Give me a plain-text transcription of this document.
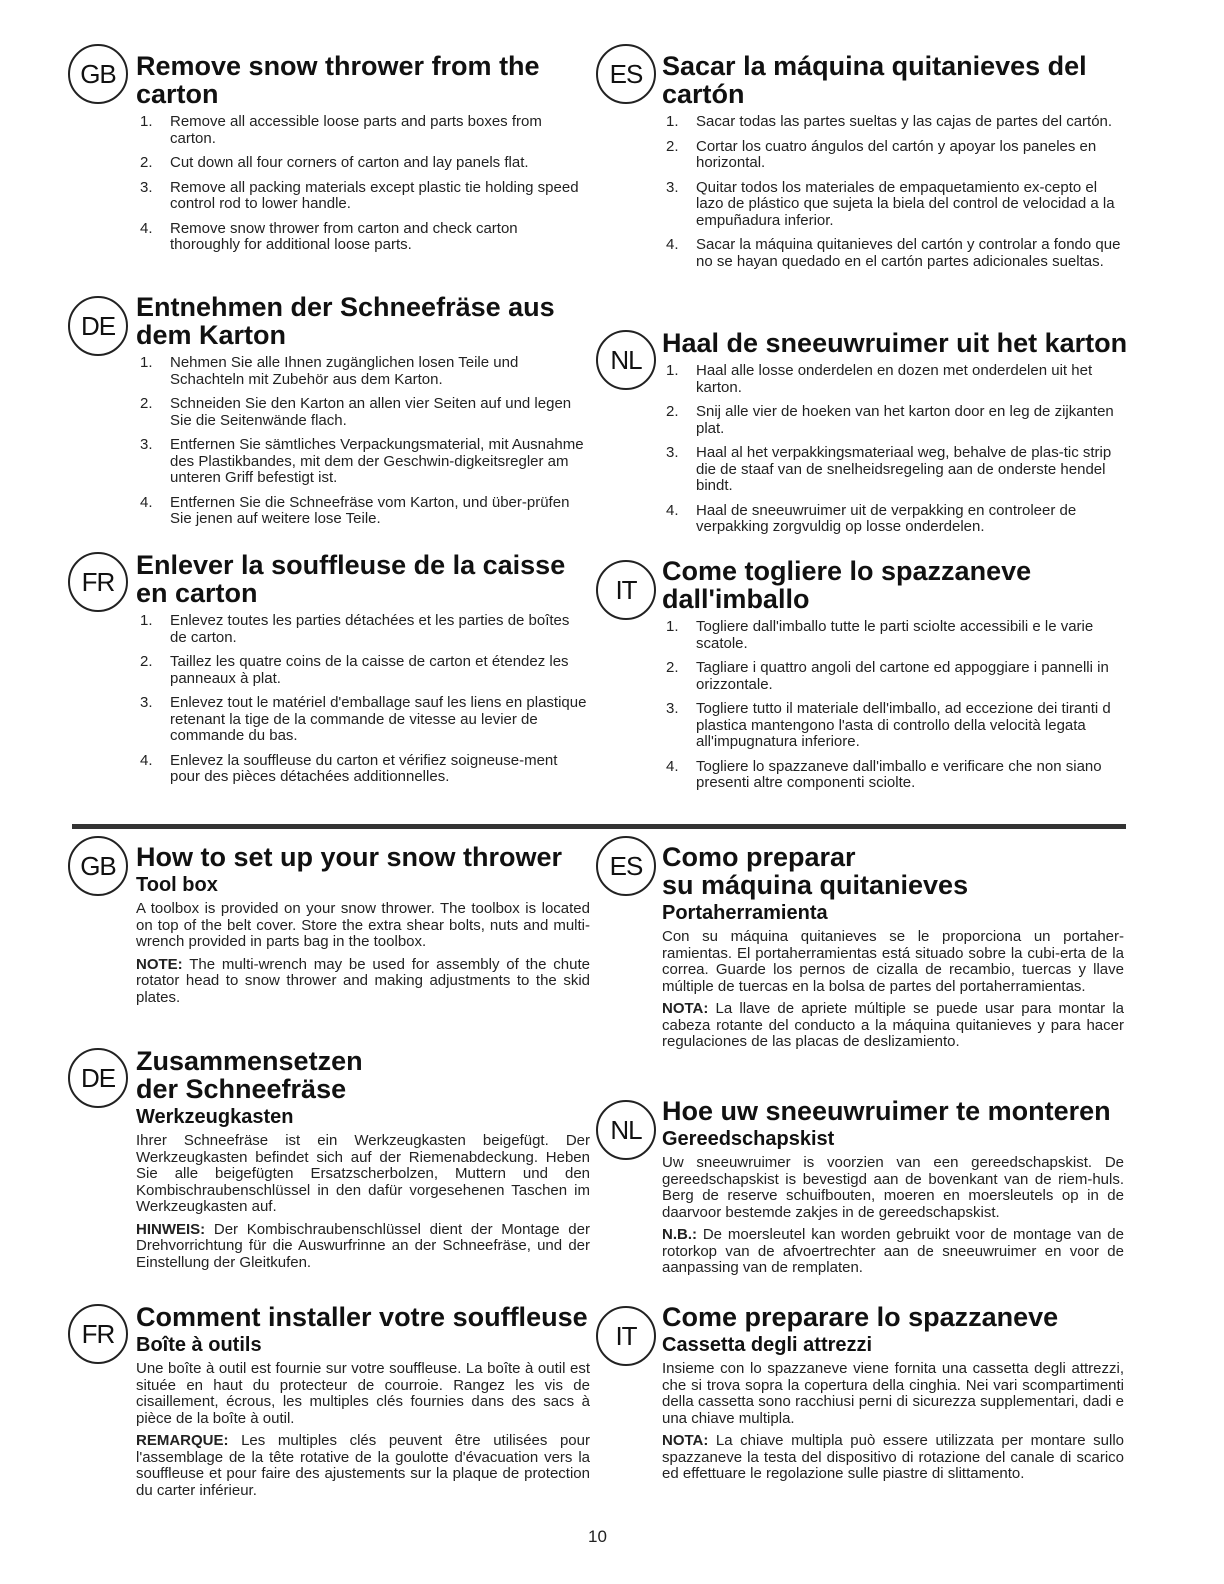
GB Remove snow thrower from the
carton
1. Remove all accessible loose parts and parts boxes from carton.
2. Cut down all four corners of carton and lay panels flat.
3. Remove all packing materials except plastic tie holding speed control rod to lower handle.
4. Remove snow thrower from carton and check carton thoroughly for additional loose parts.
DE
Entnehmen der Schneefräse aus
dem Karton
1. Nehmen Sie alle Ihnen zugänglichen losen Teile und Schachteln mit Zubehör aus dem Karton.
2. Schneiden Sie den Karton an allen vier Seiten auf und legen Sie die Seitenwände flach.
3. Entfernen Sie sämtliches Verpackungsmaterial, mit Ausnahme des Plastikbandes, mit dem der Geschwin-digkeitsregler am unteren Griff befestigt ist.
4. Entfernen Sie die Schneefräse vom Karton, und über-prüfen Sie jenen auf weitere lose Teile.
FR
Enlever la souffleuse de la caisse
en carton
1. Enlevez toutes les parties détachées et les parties de boîtes de carton.
2. Taillez les quatre coins de la caisse de carton et étendez les panneaux à plat.
3. Enlevez tout le matériel d'emballage sauf les liens en plastique retenant la tige de la commande de vitesse au levier de commande du bas.
4. Enlevez la souffleuse du carton et vérifiez soigneuse-ment pour des pièces détachées additionnelles.
ES Sacar la máquina quitanieves del
cartón
1. Sacar todas las partes sueltas y las cajas de partes del cartón.
2. Cortar los cuatro ángulos del cartón y apoyar los paneles en horizontal.
3. Quitar todos los materiales de empaquetamiento ex-cepto el lazo de plástico que sujeta la biela del control de velocidad a la empuñadura inferior.
4. Sacar la máquina quitanieves del cartón y controlar a fondo que no se hayan quedado en el cartón partes adicionales sueltas.
NL
Haal de sneeuwruimer uit het karton
1. Haal alle losse onderdelen en dozen met onderdelen uit het karton.
2. Snij alle vier de hoeken van het karton door en leg de zijkanten plat.
3. Haal al het verpakkingsmateriaal weg, behalve de plas-tic strip die de staaf van de snelheidsregeling aan de onderste hendel bindt.
4. Haal de sneeuwruimer uit de verpakking en controleer de verpakking zorgvuldig op losse onderdelen.
IT
Come togliere lo spazzaneve
dall'imballo
1. Togliere dall'imballo tutte le parti sciolte accessibili e le varie scatole.
2. Tagliare i quattro angoli del cartone ed appoggiare i pannelli in orizzontale.
3. Togliere tutto il materiale dell'imballo, ad eccezione dei tiranti d plastica mantengono l'asta di controllo della velocità legata all'impugnatura inferiore.
4. Togliere lo spazzaneve dall'imballo e verificare che non siano presenti altre componenti sciolte.
GB How to set up your snow thrower
Tool box

A toolbox is provided on your snow thrower. The toolbox is located on top of the belt cover. Store the extra shear bolts, nuts and multi-wrench provided in parts bag in the toolbox.

NOTE: The multi-wrench may be used for assembly of the chute rotator head to snow thrower and making adjustments to the skid plates.

DE
Zusammensetzen
der Schneefräse
Werkzeugkasten

Ihrer Schneefräse ist ein Werkzeugkasten beigefügt. Der Werkzeugkasten befindet sich auf der Riemenabdeckung. Heben Sie alle beigefügten Ersatzscherbolzen, Muttern und den Kombischraubenschlüssel in den dafür vorgesehenen Taschen im Werkzeugkasten auf.

HINWEIS: Der Kombischraubenschlüssel dient der Montage der Drehvorrichtung für die Auswurfrinne an der Schneefräse, und der Einstellung der Gleitkufen.

FR
Comment installer votre souffleuse
Boîte à outils

Une boîte à outil est fournie sur votre souffleuse. La boîte à outil est située en haut du protecteur de courroie. Rangez les vis de cisaillement, écrous, les multiples clés fournies dans des sacs à pièce de la boîte à outil.

REMARQUE: Les multiples clés peuvent être utilisées pour l'assemblage de la tête rotative de la goulotte d'évacuation vers la souffleuse et pour faire des ajustements sur la plaque de protection du carter inférieur.

ES Como preparar
su máquina quitanieves
Portaherramienta

Con su máquina quitanieves se le proporciona un portaher-ramientas. El portaherramientas está situado sobre la cubi-erta de la correa. Guarde los pernos de cizalla de recambio, tuercas y llave múltiple de tuercas en la bolsa de partes del portaherramientas.

NOTA: La llave de apriete múltiple se puede usar para montar la cabeza rotante del conducto a la máquina quitanieves y para hacer regulaciones de las placas de deslizamiento.

NL
Hoe uw sneeuwruimer te monteren
Gereedschapskist

Uw sneeuwruimer is voorzien van een gereedschapskist. De gereedschapskist is bevestigd aan de bovenkant van de riem-huls. Berg de reserve schuifbouten, moeren en moersleutels op in de daarvoor bestemde zakjes in de gereedschapskist.

N.B.: De moersleutel kan worden gebruikt voor de montage van de rotorkop van de afvoertrechter aan de sneeuwruimer en voor de aanpassing van de remplaten.

IT
Come preparare lo spazzaneve
Cassetta degli attrezzi

Insieme con lo spazzaneve viene fornita una cassetta degli attrezzi, che si trova sopra la copertura della cinghia. Nei vari scompartimenti della cassetta sono racchiusi perni di sicurezza supplementari, dadi e una chiave multipla.

NOTA: La chiave multipla può essere utilizzata per montare sullo spazzaneve la testa del dispositivo di rotazione del canale di scarico ed effettuare le regolazione sulle piastre di slittamento.

10
